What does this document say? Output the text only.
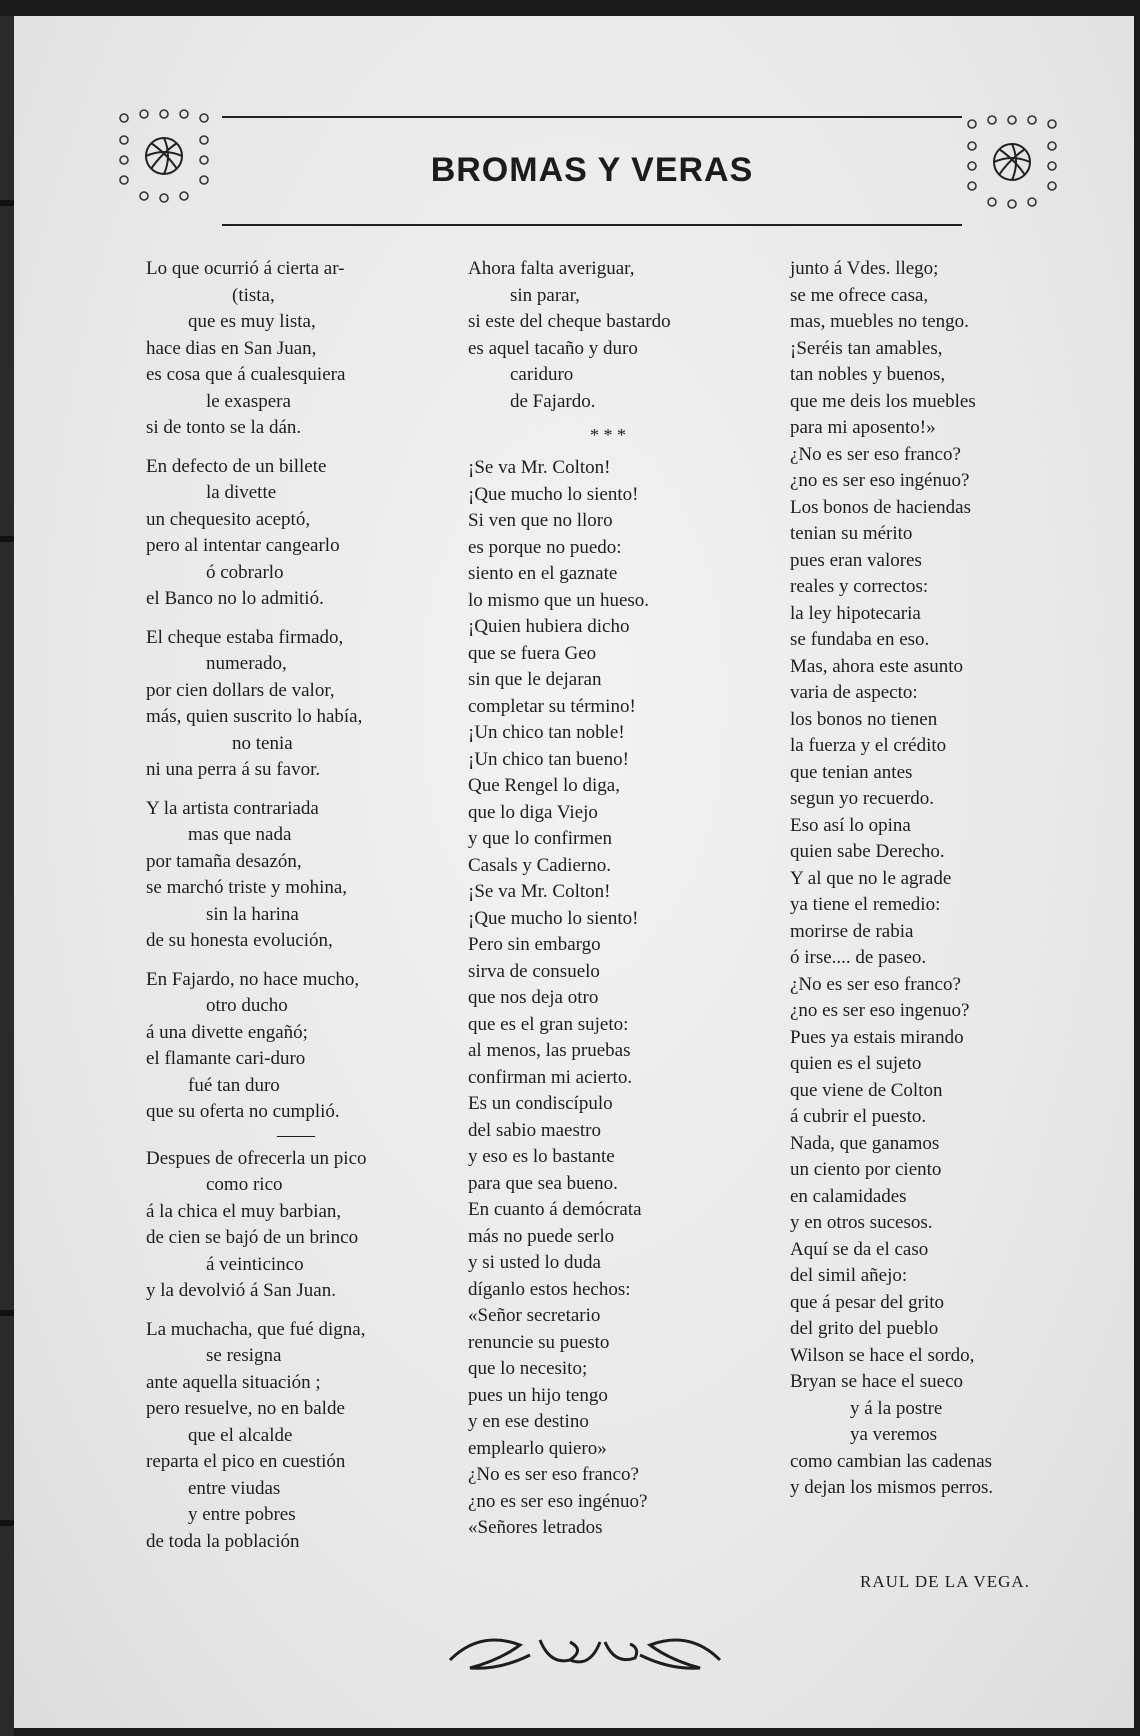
BROMAS Y VERAS
Lo que ocurrió á cierta ar-
(tista,
que es muy lista,
hace dias en San Juan,
es cosa que á cualesquiera
le exaspera
si de tonto se la dán.
En defecto de un billete
la divette
un chequesito aceptó,
pero al intentar cangearlo
ó cobrarlo
el Banco no lo admitió.
El cheque estaba firmado,
numerado,
por cien dollars de valor,
más, quien suscrito lo había,
no tenia
ni una perra á su favor.
Y la artista contrariada
mas que nada
por tamaña desazón,
se marchó triste y mohina,
sin la harina
de su honesta evolución,
En Fajardo, no hace mucho,
otro ducho
á una divette engañó;
el flamante cari-duro
fué tan duro
que su oferta no cumplió.
——
Despues de ofrecerla un pico
como rico
á la chica el muy barbian,
de cien se bajó de un brinco
á veinticinco
y la devolvió á San Juan.
La muchacha, que fué digna,
se resigna
ante aquella situación ;
pero resuelve, no en balde
que el alcalde
reparta el pico en cuestión
entre viudas
y entre pobres
de toda la población
Ahora falta averiguar,
sin parar,
si este del cheque bastardo
es aquel tacaño y duro
cariduro
de Fajardo.
* * *
¡Se va Mr. Colton!
¡Que mucho lo siento!
Si ven que no lloro
es porque no puedo:
siento en el gaznate
lo mismo que un hueso.
¡Quien hubiera dicho
que se fuera Geo
sin que le dejaran
completar su término!
¡Un chico tan noble!
¡Un chico tan bueno!
Que Rengel lo diga,
que lo diga Viejo
y que lo confirmen
Casals y Cadierno.
¡Se va Mr. Colton!
¡Que mucho lo siento!
Pero sin embargo
sirva de consuelo
que nos deja otro
que es el gran sujeto:
al menos, las pruebas
confirman mi acierto.
Es un condiscípulo
del sabio maestro
y eso es lo bastante
para que sea bueno.
En cuanto á demócrata
más no puede serlo
y si usted lo duda
díganlo estos hechos:
«Señor secretario
renuncie su puesto
que lo necesito;
pues un hijo tengo
y en ese destino
emplearlo quiero»
¿No es ser eso franco?
¿no es ser eso ingénuo?
«Señores letrados
junto á Vdes. llego;
se me ofrece casa,
mas, muebles no tengo.
¡Seréis tan amables,
tan nobles y buenos,
que me deis los muebles
para mi aposento!»
¿No es ser eso franco?
¿no es ser eso ingénuo?
Los bonos de haciendas
tenian su mérito
pues eran valores
reales y correctos:
la ley hipotecaria
se fundaba en eso.
Mas, ahora este asunto
varia de aspecto:
los bonos no tienen
la fuerza y el crédito
que tenian antes
segun yo recuerdo.
Eso así lo opina
quien sabe Derecho.
Y al que no le agrade
ya tiene el remedio:
morirse de rabia
ó irse.... de paseo.
¿No es ser eso franco?
¿no es ser eso ingenuo?
Pues ya estais mirando
quien es el sujeto
que viene de Colton
á cubrir el puesto.
Nada, que ganamos
un ciento por ciento
en calamidades
y en otros sucesos.
Aquí se da el caso
del simil añejo:
que á pesar del grito
del grito del pueblo
Wilson se hace el sordo,
Bryan se hace el sueco
y á la postre
ya veremos
como cambian las cadenas
y dejan los mismos perros.
RAUL DE LA VEGA.
